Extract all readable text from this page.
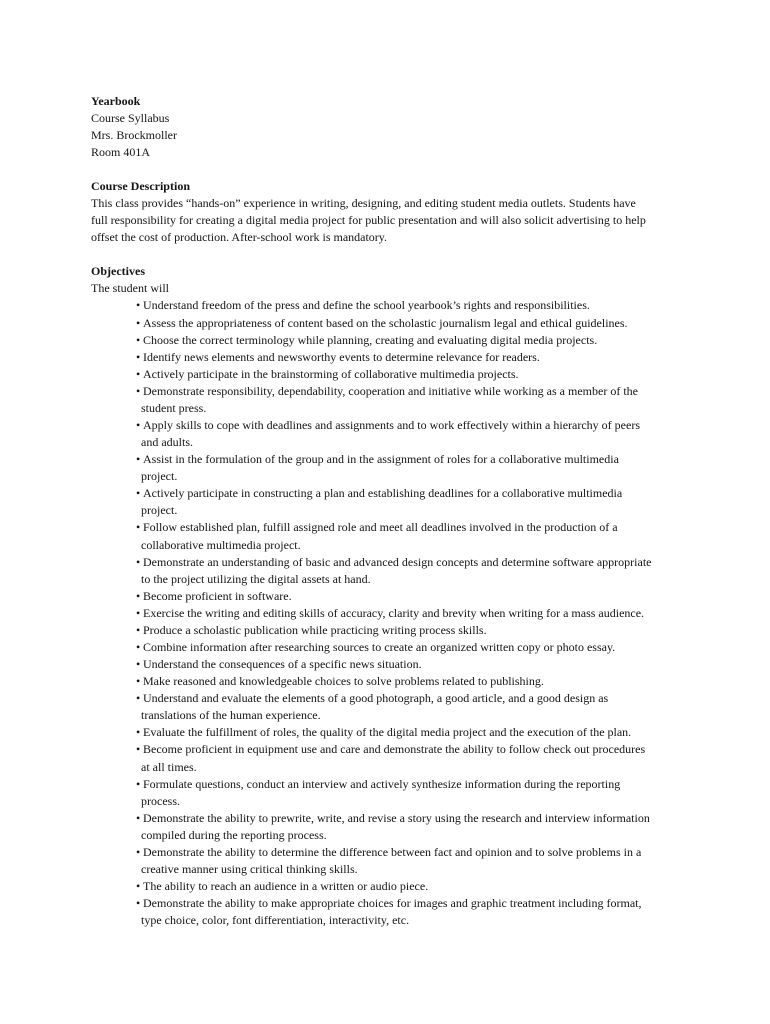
Yearbook
Course Syllabus
Mrs. Brockmoller
Room 401A
Course Description
This class provides “hands-on” experience in writing, designing, and editing student media outlets. Students have
full responsibility for creating a digital media project for public presentation and will also solicit advertising to help
offset the cost of production. After-school work is mandatory.
Objectives
The student will
• Understand freedom of the press and define the school yearbook’s rights and responsibilities.
• Assess the appropriateness of content based on the scholastic journalism legal and ethical guidelines.
• Choose the correct terminology while planning, creating and evaluating digital media projects.
• Identify news elements and newsworthy events to determine relevance for readers.
• Actively participate in the brainstorming of collaborative multimedia projects.
• Demonstrate responsibility, dependability, cooperation and initiative while working as a member of the
student press.
• Apply skills to cope with deadlines and assignments and to work effectively within a hierarchy of peers
and adults.
• Assist in the formulation of the group and in the assignment of roles for a collaborative multimedia
project.
• Actively participate in constructing a plan and establishing deadlines for a collaborative multimedia
project.
• Follow established plan, fulfill assigned role and meet all deadlines involved in the production of a
collaborative multimedia project.
• Demonstrate an understanding of basic and advanced design concepts and determine software appropriate
to the project utilizing the digital assets at hand.
• Become proficient in software.
• Exercise the writing and editing skills of accuracy, clarity and brevity when writing for a mass audience.
• Produce a scholastic publication while practicing writing process skills.
• Combine information after researching sources to create an organized written copy or photo essay.
• Understand the consequences of a specific news situation.
• Make reasoned and knowledgeable choices to solve problems related to publishing.
• Understand and evaluate the elements of a good photograph, a good article, and a good design as
translations of the human experience.
• Evaluate the fulfillment of roles, the quality of the digital media project and the execution of the plan.
• Become proficient in equipment use and care and demonstrate the ability to follow check out procedures
at all times.
• Formulate questions, conduct an interview and actively synthesize information during the reporting
process.
• Demonstrate the ability to prewrite, write, and revise a story using the research and interview information
compiled during the reporting process.
• Demonstrate the ability to determine the difference between fact and opinion and to solve problems in a
creative manner using critical thinking skills.
• The ability to reach an audience in a written or audio piece.
• Demonstrate the ability to make appropriate choices for images and graphic treatment including format,
type choice, color, font differentiation, interactivity, etc.
